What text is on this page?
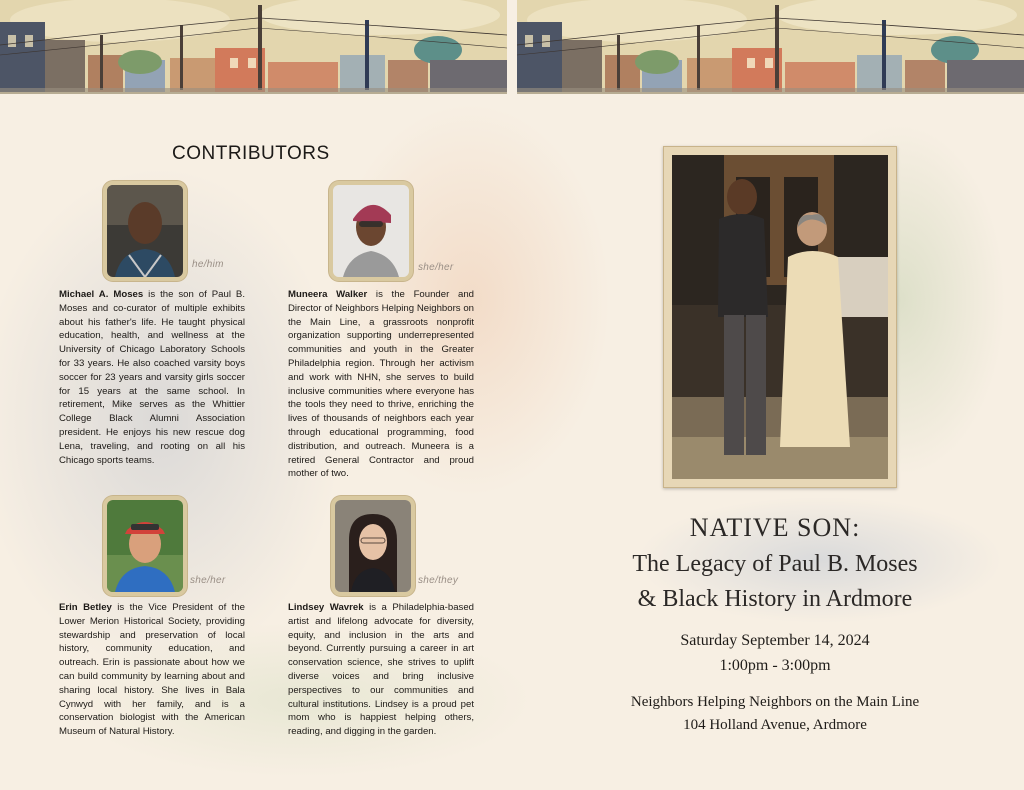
CONTRIBUTORS
he/him

Michael A. Moses is the son of Paul B. Moses and co-curator of multiple exhibits about his father's life. He taught physical education, health, and wellness at the University of Chicago Laboratory Schools for 33 years. He also coached varsity boys soccer for 23 years and varsity girls soccer for 15 years at the same school. In retirement, Mike serves as the Whittier College Black Alumni Association president. He enjoys his new rescue dog Lena, traveling, and rooting on all his Chicago sports teams.

she/her

Muneera Walker is the Founder and Director of Neighbors Helping Neighbors on the Main Line, a grassroots nonprofit organization supporting underrepresented communities and youth in the Greater Philadelphia region. Through her activism and work with NHN, she serves to build inclusive communities where everyone has the tools they need to thrive, enriching the lives of thousands of neighbors each year through educational programming, food distribution, and outreach. Muneera is a retired General Contractor and proud mother of two.

she/her

Erin Betley is the Vice President of the Lower Merion Historical Society, providing stewardship and preservation of local history, community education, and outreach. Erin is passionate about how we can build community by learning about and sharing local history. She lives in Bala Cynwyd with her family, and is a conservation biologist with the American Museum of Natural History.

she/they

Lindsey Wavrek is a Philadelphia-based artist and lifelong advocate for diversity, equity, and inclusion in the arts and beyond. Currently pursuing a career in art conservation science, she strives to uplift diverse voices and bring inclusive perspectives to our communities and cultural institutions. Lindsey is a proud pet mom who is happiest helping others, reading, and digging in the garden.

NATIVE SON:
The Legacy of Paul B. Moses
& Black History in Ardmore

Saturday September 14, 2024

1:00pm - 3:00pm

Neighbors Helping Neighbors on the Main Line

104 Holland Avenue, Ardmore
